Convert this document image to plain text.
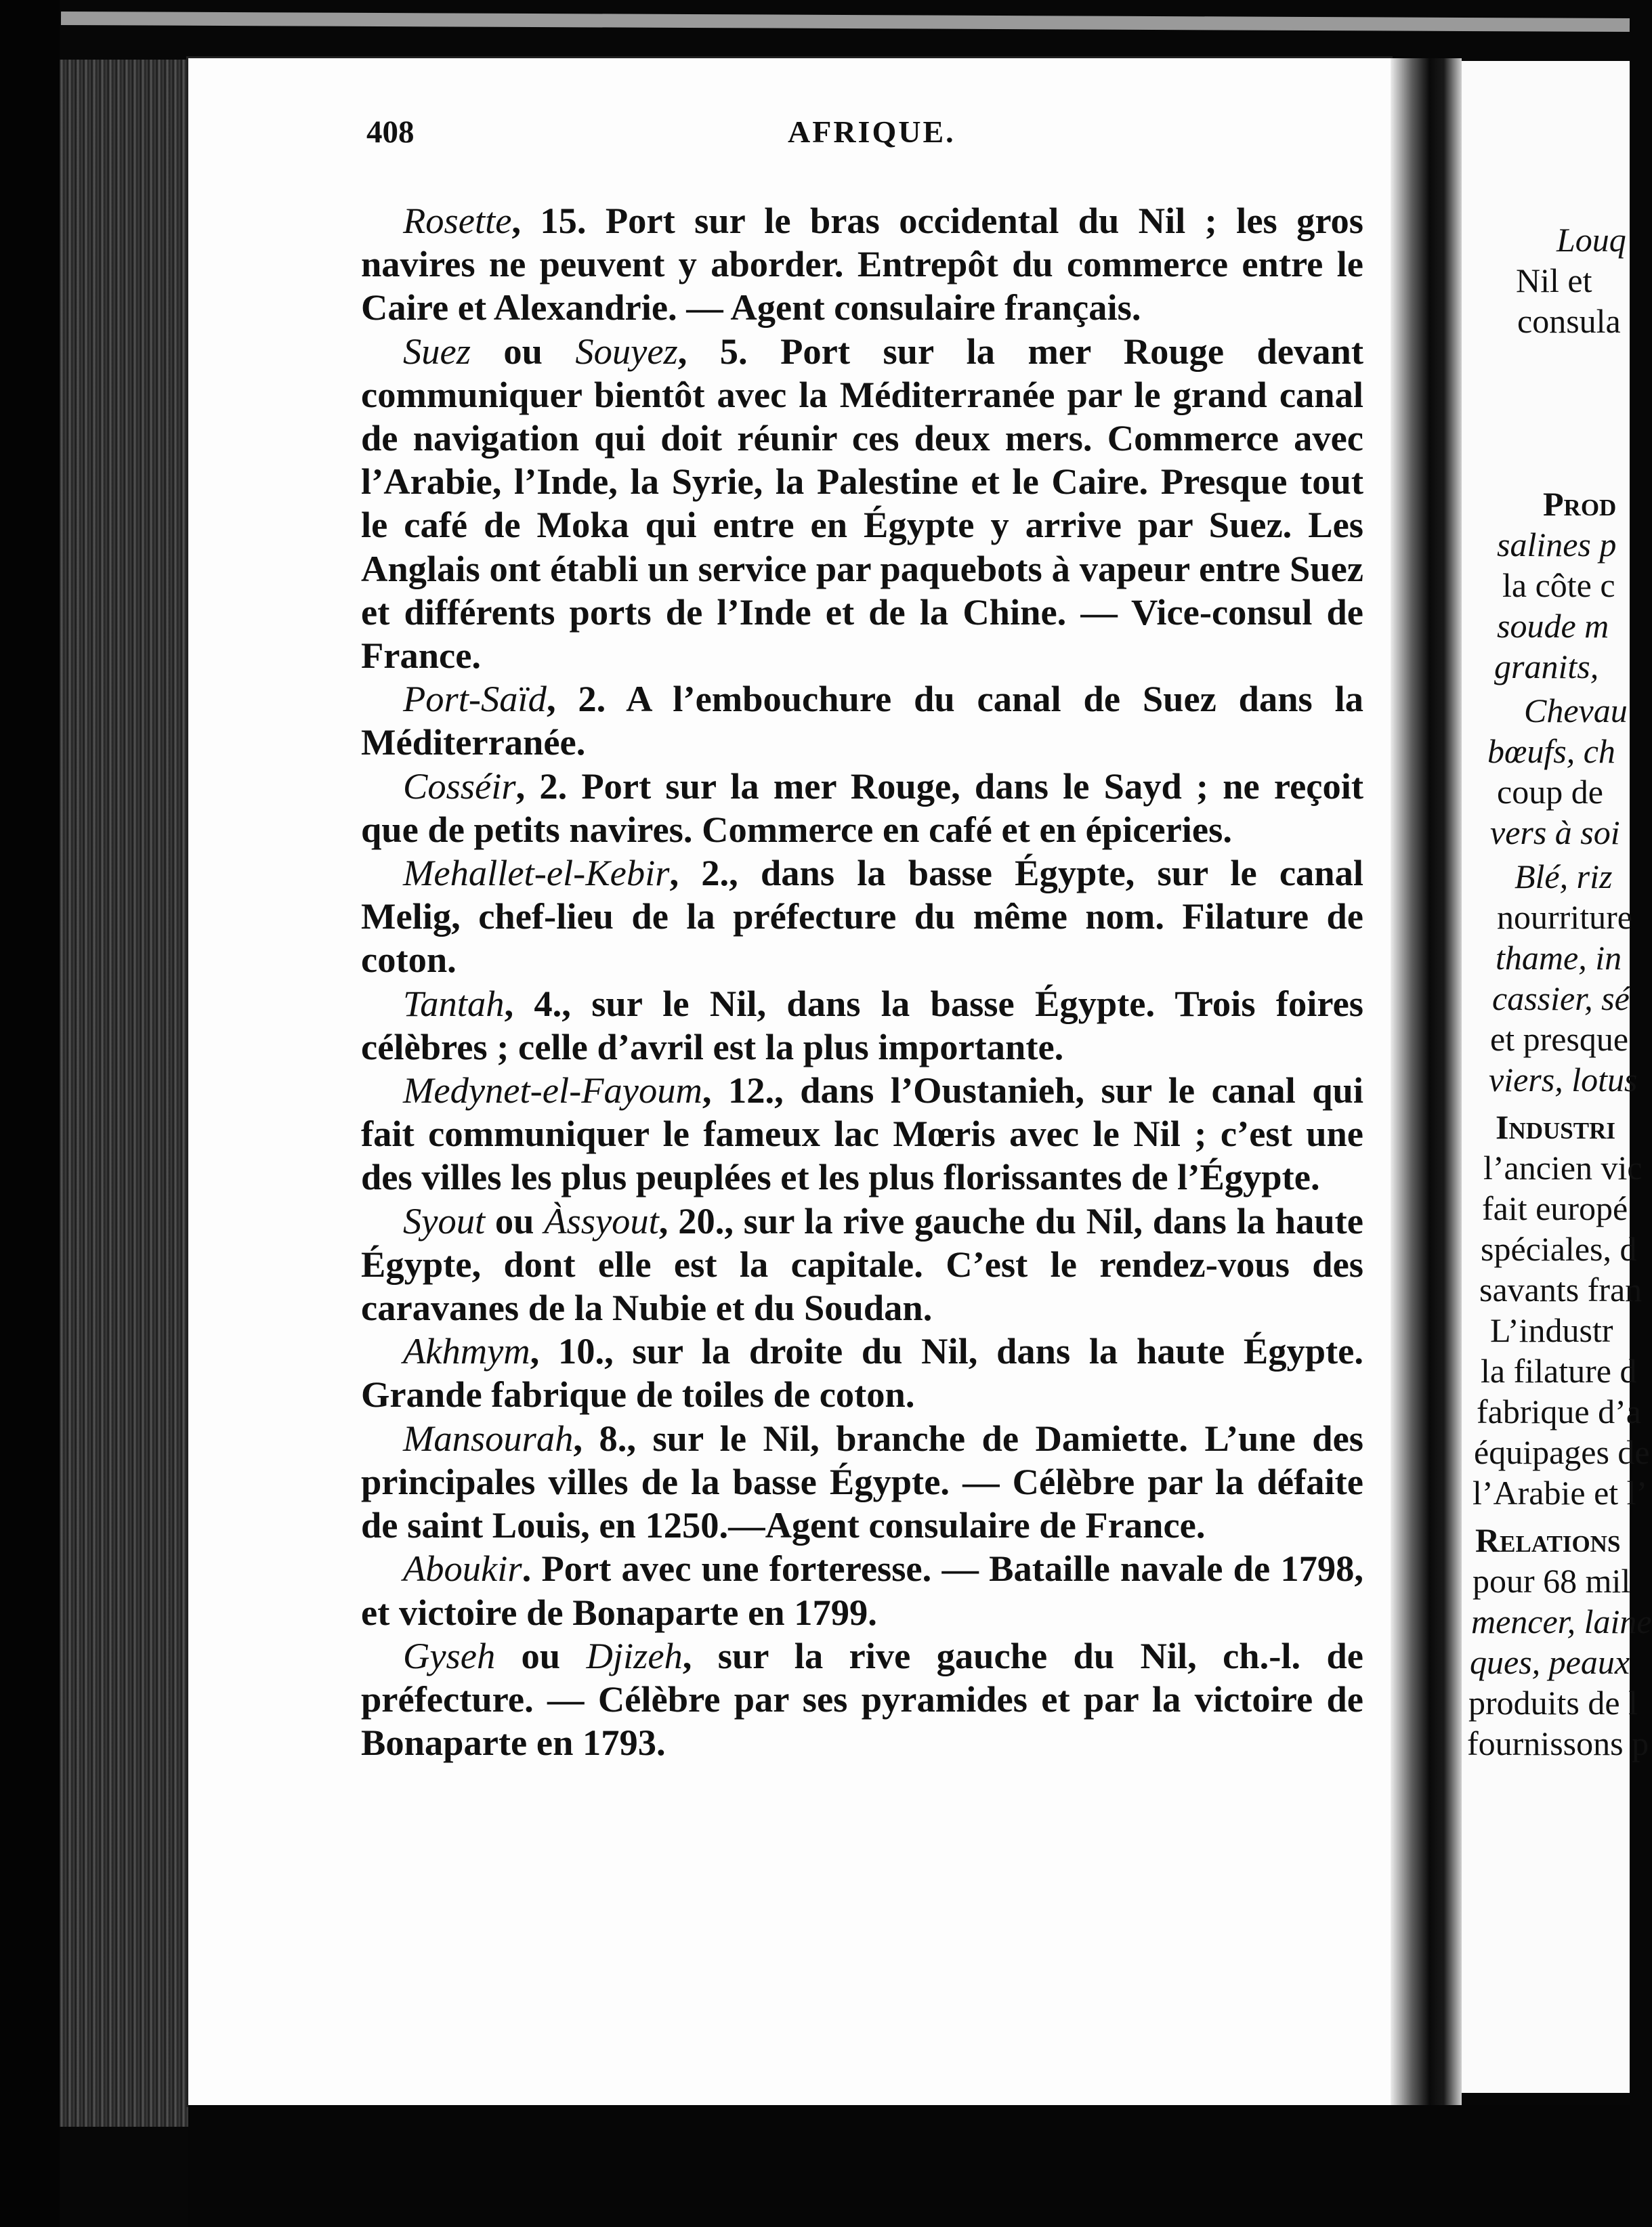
408	AFRIQUE.

Rosette, 15. Port sur le bras occidental du Nil ; les gros navires ne peuvent y aborder. Entrepôt du commerce entre le Caire et Alexandrie. — Agent consulaire français.

Suez ou Souyez, 5. Port sur la mer Rouge devant communiquer bientôt avec la Méditerranée par le grand canal de navigation qui doit réunir ces deux mers. Commerce avec l’Arabie, l’Inde, la Syrie, la Palestine et le Caire. Presque tout le café de Moka qui entre en Égypte y arrive par Suez. Les Anglais ont établi un service par paquebots à vapeur entre Suez et différents ports de l’Inde et de la Chine. — Vice-consul de France.

Port-Saïd, 2. A l’embouchure du canal de Suez dans la Méditerranée.

Cosséir, 2. Port sur la mer Rouge, dans le Sayd ; ne reçoit que de petits navires. Commerce en café et en épiceries.

Mehallet-el-Kebir, 2., dans la basse Égypte, sur le canal Melig, chef-lieu de la préfecture du même nom. Filature de coton.

Tantah, 4., sur le Nil, dans la basse Égypte. Trois foires célèbres ; celle d’avril est la plus importante.

Medynet-el-Fayoum, 12., dans l’Oustanieh, sur le canal qui fait communiquer le fameux lac Mœris avec le Nil ; c’est une des villes les plus peuplées et les plus florissantes de l’Égypte.

Syout ou Àssyout, 20., sur la rive gauche du Nil, dans la haute Égypte, dont elle est la capitale. C’est le rendez-vous des caravanes de la Nubie et du Soudan.

Akhmym, 10., sur la droite du Nil, dans la haute Égypte. Grande fabrique de toiles de coton.

Mansourah, 8., sur le Nil, branche de Damiette. L’une des principales villes de la basse Égypte. — Célèbre par la défaite de saint Louis, en 1250.—Agent consulaire de France.

Aboukir. Port avec une forteresse. — Bataille navale de 1798, et victoire de Bonaparte en 1799.

Gyseh ou Djizeh, sur la rive gauche du Nil, ch.-l. de préfecture. — Célèbre par ses pyramides et par la victoire de Bonaparte en 1793.

Louq
Nil et
consula
Prod
salines p
la côte c
soude m
granits,
Chevau
bœufs, ch
coup de
vers à soi
Blé, riz
nourriture
thame, in
cassier, sé
et presque
viers, lotus
Industri
l’ancien vic
fait europé
spéciales, d
savants fran
L’industr
la filature d
fabrique d’a
équipages de
l’Arabie et l’
Relations
pour 68 mil
mencer, laine
ques, peaux
produits de l
fournissons p
